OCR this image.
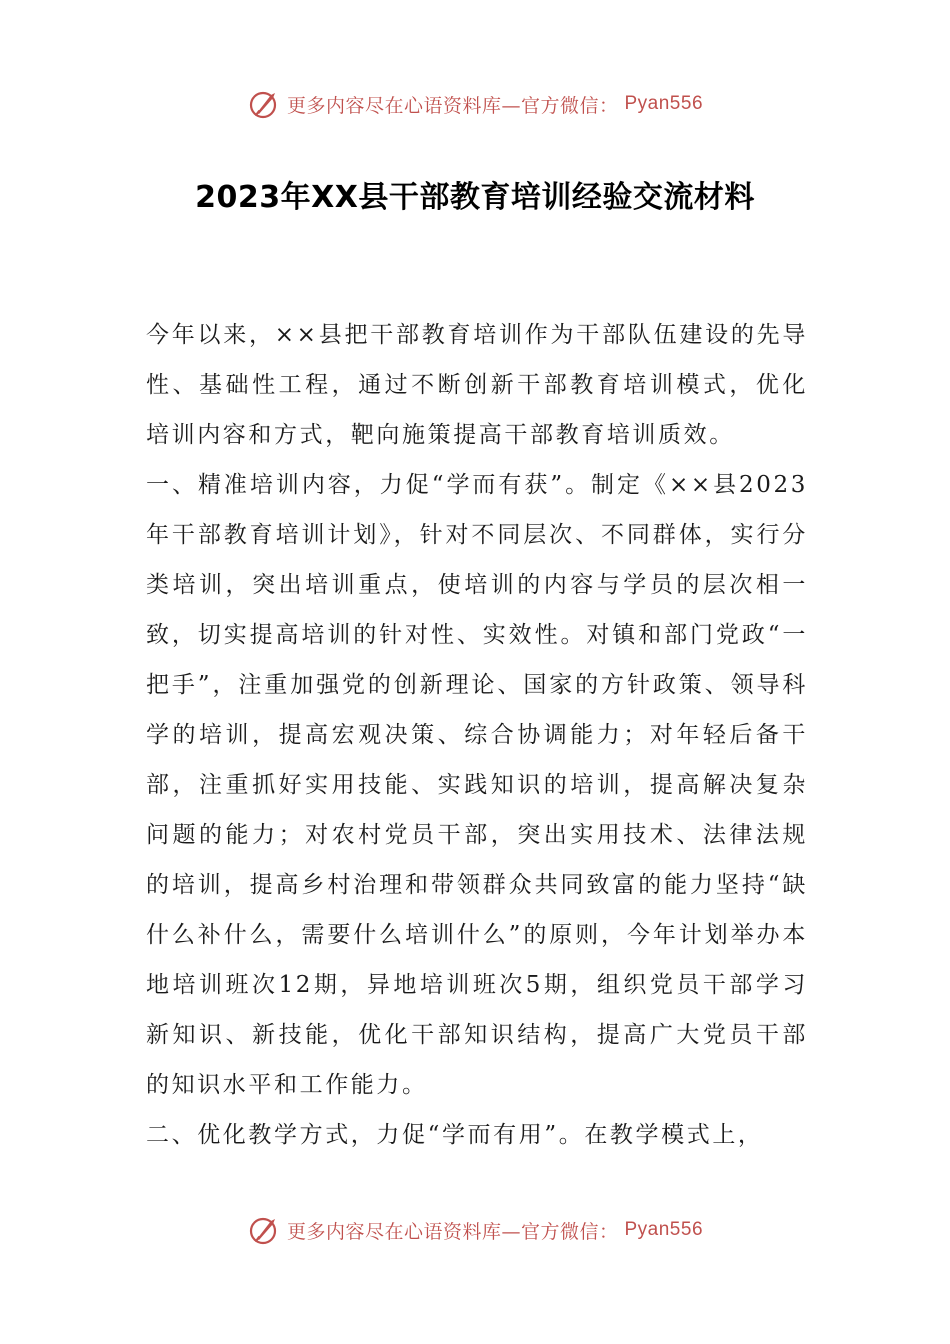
更多内容尽在心语资料库—官方微信： Pyan556
2023年XX县干部教育培训经验交流材料

今年以来，××县把干部教育培训作为干部队伍建设的先导性、基础性工程，通过不断创新干部教育培训模式，优化培训内容和方式，靶向施策提高干部教育培训质效。

一、精准培训内容，力促“学而有获”。制定《××县2023年干部教育培训计划》，针对不同层次、不同群体，实行分类培训，突出培训重点，使培训的内容与学员的层次相一致，切实提高培训的针对性、实效性。对镇和部门党政“一把手”，注重加强党的创新理论、国家的方针政策、领导科学的培训，提高宏观决策、综合协调能力；对年轻后备干部，注重抓好实用技能、实践知识的培训，提高解决复杂问题的能力；对农村党员干部，突出实用技术、法律法规的培训，提高乡村治理和带领群众共同致富的能力坚持“缺什么补什么，需要什么培训什么”的原则，今年计划举办本地培训班次12期，异地培训班次5期，组织党员干部学习新知识、新技能，优化干部知识结构，提高广大党员干部的知识水平和工作能力。

二、优化教学方式，力促“学而有用”。在教学模式上，

更多内容尽在心语资料库—官方微信： Pyan556
